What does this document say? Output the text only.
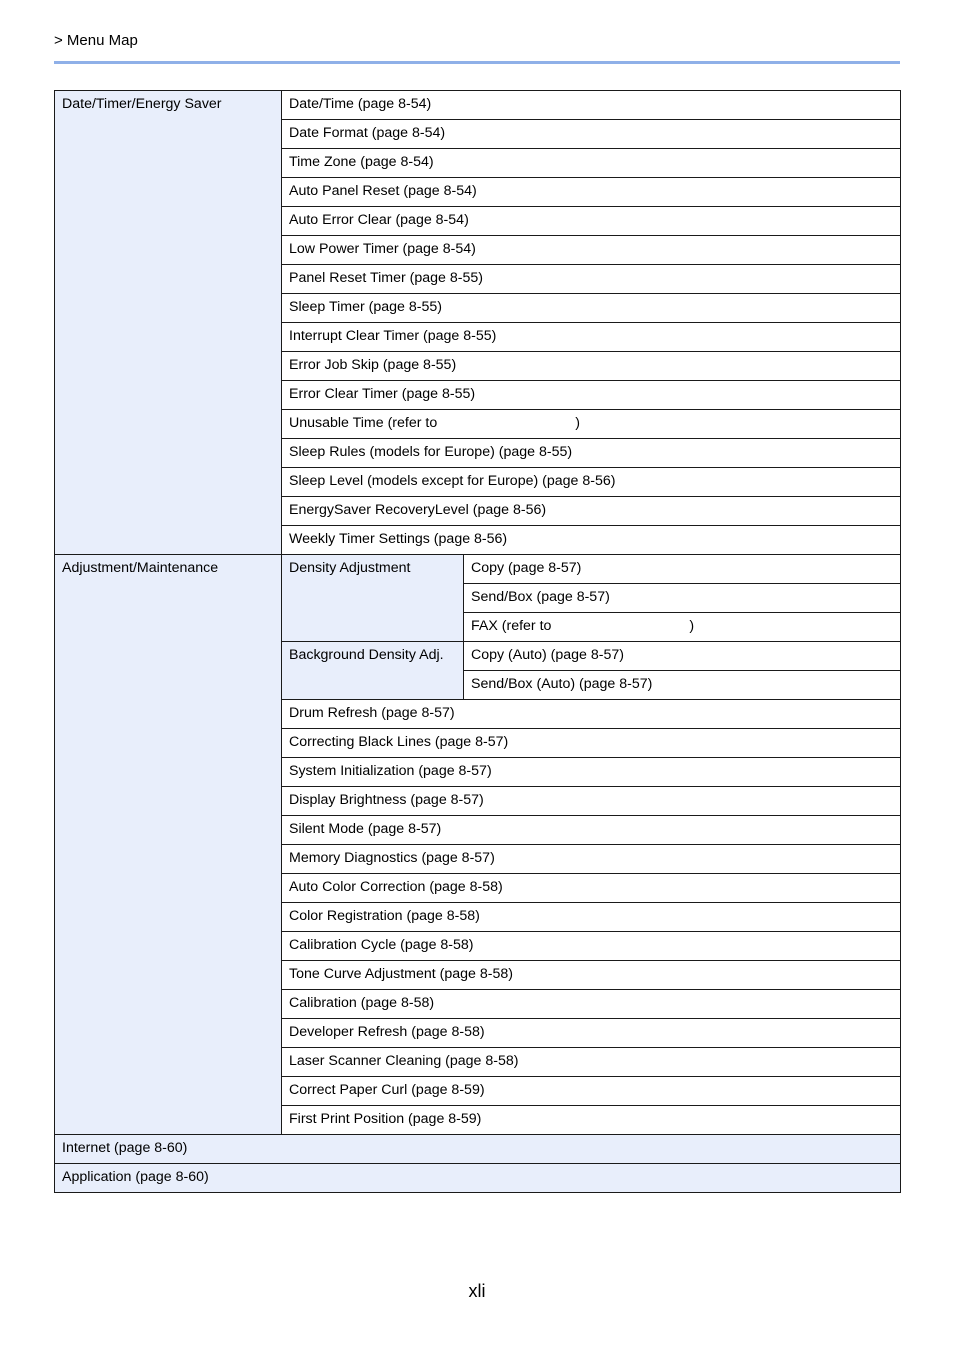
> Menu Map
Date/Timer/Energy Saver	Date/Time (page 8-54)	
	Date Format (page 8-54)	
	Time Zone (page 8-54)	
	Auto Panel Reset (page 8-54)	
	Auto Error Clear (page 8-54)	
	Low Power Timer (page 8-54)	
	Panel Reset Timer (page 8-55)	
	Sleep Timer (page 8-55)	
	Interrupt Clear Timer (page 8-55)	
	Error Job Skip (page 8-55)	
	Error Clear Timer (page 8-55)	
	Unusable Time (refer to                                   )	
	Sleep Rules (models for Europe) (page 8-55)	
	Sleep Level (models except for Europe) (page 8-56)	
	EnergySaver RecoveryLevel (page 8-56)	
	Weekly Timer Settings (page 8-56)	
Adjustment/Maintenance	Density Adjustment	Copy (page 8-57)
		Send/Box (page 8-57)
		FAX (refer to                                   )
	Background Density Adj.	Copy (Auto) (page 8-57)
		Send/Box (Auto) (page 8-57)
	Drum Refresh (page 8-57)	
	Correcting Black Lines (page 8-57)	
	System Initialization (page 8-57)	
	Display Brightness (page 8-57)	
	Silent Mode (page 8-57)	
	Memory Diagnostics (page 8-57)	
	Auto Color Correction (page 8-58)	
	Color Registration (page 8-58)	
	Calibration Cycle (page 8-58)	
	Tone Curve Adjustment (page 8-58)	
	Calibration (page 8-58)	
	Developer Refresh (page 8-58)	
	Laser Scanner Cleaning (page 8-58)	
	Correct Paper Curl (page 8-59)	
	First Print Position (page 8-59)	
Internet (page 8-60)		
Application (page 8-60)		
xli
